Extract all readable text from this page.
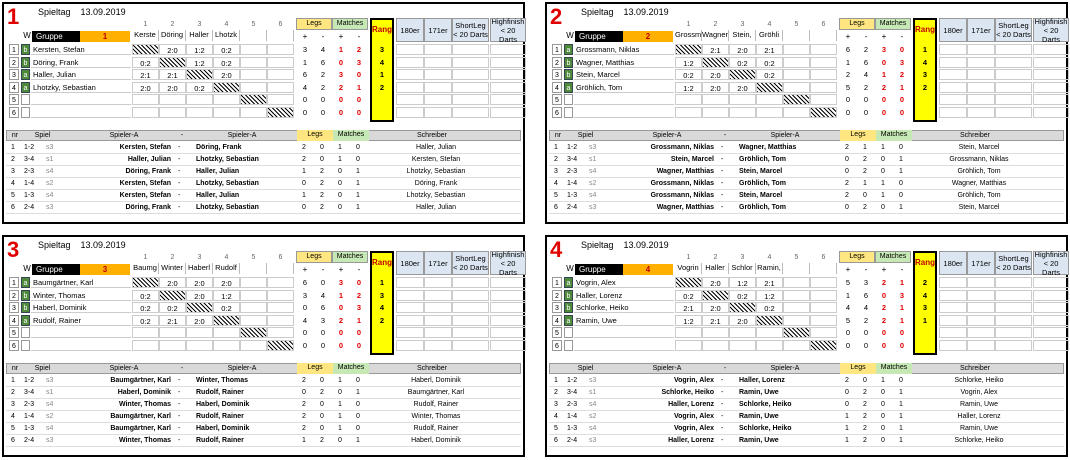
1 Spieltag 13.09.2019
1	2	3	4	5	6
W Gruppe	1	Kerste Döring Haller Lhotzk
Legs	Matches
+	-	+	-
Rang	180er	171er	ShortLeg < 20 Darts
Highfinish < 20 Darts
1	b Kersten, Stefan	2:0	1:2	0:2	3	4	1	2	3
2	b Döring, Frank	0:2	1:2	0:2	1	6	0	3	4
3	a Haller, Julian	2:1	2:1	2:0	6	2	3	0	1
4	a Lhotzky, Sebastian	2:0	2:0	0:2	4	2	2	1	2
5	0	0	0	0
6	0	0	0	0
nr	Spiel	Spieler-A	-	Spieler-A	Schreiber
Legs	Matches
1	1-2	s3	Kersten, Stefan	Döring, Frank	2	0	1	0	Haller, Julian
-
2	3-4	s1	Haller, Julian	Lhotzky, Sebastian	2	0	1	0	Kersten, Stefan
-
3	2-3	s4	Döring, Frank	Haller, Julian	1	2	0	1	Lhotzky, Sebastian
-
4	1-4	s2	Kersten, Stefan	Lhotzky, Sebastian	0	2	0	1	Döring, Frank
-
5	1-3	s4	Kersten, Stefan	Haller, Julian	1	2	0	1	Lhotzky, Sebastian
-
6	2-4	s3	Döring, Frank	Lhotzky, Sebastian	0	2	0	1	Haller, Julian
-
2 Spieltag 13.09.2019
1	2	3	4	5	6
W Gruppe	2	Grossm Wagner Stein, Gröhli
Legs	Matches
+	-	+	-
Rang	180er	171er	ShortLeg < 20 Darts
Highfinish < 20 Darts
1	a Grossmann, Niklas	2:1	2:0	2:1	6	2	3	0	1
2	b Wagner, Matthias	1:2	0:2	0:2	1	6	0	3	4
3	b Stein, Marcel	0:2	2:0	0:2	2	4	1	2	3
4	a Gröhlich, Tom	1:2	2:0	2:0	5	2	2	1	2
5	0	0	0	0
6	0	0	0	0
nr	Spiel	Spieler-A	-	Spieler-A	Schreiber
Legs	Matches
1	1-2	s3	Grossmann, Niklas	Wagner, Matthias	2	1	1	0	Stein, Marcel
-
2	3-4	s1	Stein, Marcel	Gröhlich, Tom	0	2	0	1	Grossmann, Niklas
-
3	2-3	s4	Wagner, Matthias	Stein, Marcel	0	2	0	1	Gröhlich, Tom
-
4	1-4	s2	Grossmann, Niklas	Gröhlich, Tom	2	1	1	0	Wagner, Matthias
-
5	1-3	s4	Grossmann, Niklas	Stein, Marcel	2	0	1	0	Gröhlich, Tom
-
6	2-4	s3	Wagner, Matthias	Gröhlich, Tom	0	2	0	1	Stein, Marcel
-
3 Spieltag 13.09.2019
1	2	3	4	5	6
W Gruppe	3	Baumg Winter Haberl Rudolf
Legs	Matches
+	-	+	-
Rang	180er	171er	ShortLeg < 20 Darts
Highfinish < 20 Darts
1	a Baumgärtner, Karl	2:0	2:0	2:0	6	0	3	0	1
2	b Winter, Thomas	0:2	2:0	1:2	3	4	1	2	3
3	b Haberl, Dominik	0:2	0:2	0:2	0	6	0	3	4
4	a Rudolf, Rainer	0:2	2:1	2:0	4	3	2	1	2
5	0	0	0	0
6	0	0	0	0
nr	Spiel	Spieler-A	-	Spieler-A	Schreiber
Legs	Matches
1	1-2	s3	Baumgärtner, Karl	Winter, Thomas	2	0	1	0	Haberl, Dominik
-
2	3-4	s1	Haberl, Dominik	Rudolf, Rainer	0	2	0	1	Baumgärtner, Karl
-
3	2-3	s4	Winter, Thomas	Haberl, Dominik	2	0	1	0	Rudolf, Rainer
-
4	1-4	s2	Baumgärtner, Karl	Rudolf, Rainer	2	0	1	0	Winter, Thomas
-
5	1-3	s4	Baumgärtner, Karl	Haberl, Dominik	2	0	1	0	Rudolf, Rainer
-
6	2-4	s3	Winter, Thomas	Rudolf, Rainer	1	2	0	1	Haberl, Dominik
-
4 Spieltag 13.09.2019
1	2	3	4	5	6
W Gruppe	4	Vogrin Haller Schlor Ramin,
Legs	Matches
+	-	+	-
Rang	180er	171er	ShortLeg < 20 Darts
Highfinish < 20 Darts
1	a Vogrin, Alex	2:0	1:2	2:1	5	3	2	1	2
2	b Haller, Lorenz	0:2	0:2	1:2	1	6	0	3	4
3	b Schlorke, Heiko	2:1	2:0	0:2	4	4	2	1	3
4	a Ramin, Uwe	1:2	2:1	2:0	5	2	2	1	1
5	0	0	0	0
6	0	0	0	0
Spiel	Spieler-A	-	Spieler-A	Schreiber
Legs	Matches
1	1-2	s3	Vogrin, Alex	Haller, Lorenz	2	0	1	0	Schlorke, Heiko
-
2	3-4	s1	Schlorke, Heiko	Ramin, Uwe	0	2	0	1	Vogrin, Alex
-
3	2-3	s4	Haller, Lorenz	Schlorke, Heiko	0	2	0	1	Ramin, Uwe
-
4	1-4	s2	Vogrin, Alex	Ramin, Uwe	1	2	0	1	Haller, Lorenz
-
5	1-3	s4	Vogrin, Alex	Schlorke, Heiko	1	2	0	1	Ramin, Uwe
-
6	2-4	s3	Haller, Lorenz	Ramin, Uwe	1	2	0	1	Schlorke, Heiko
-
